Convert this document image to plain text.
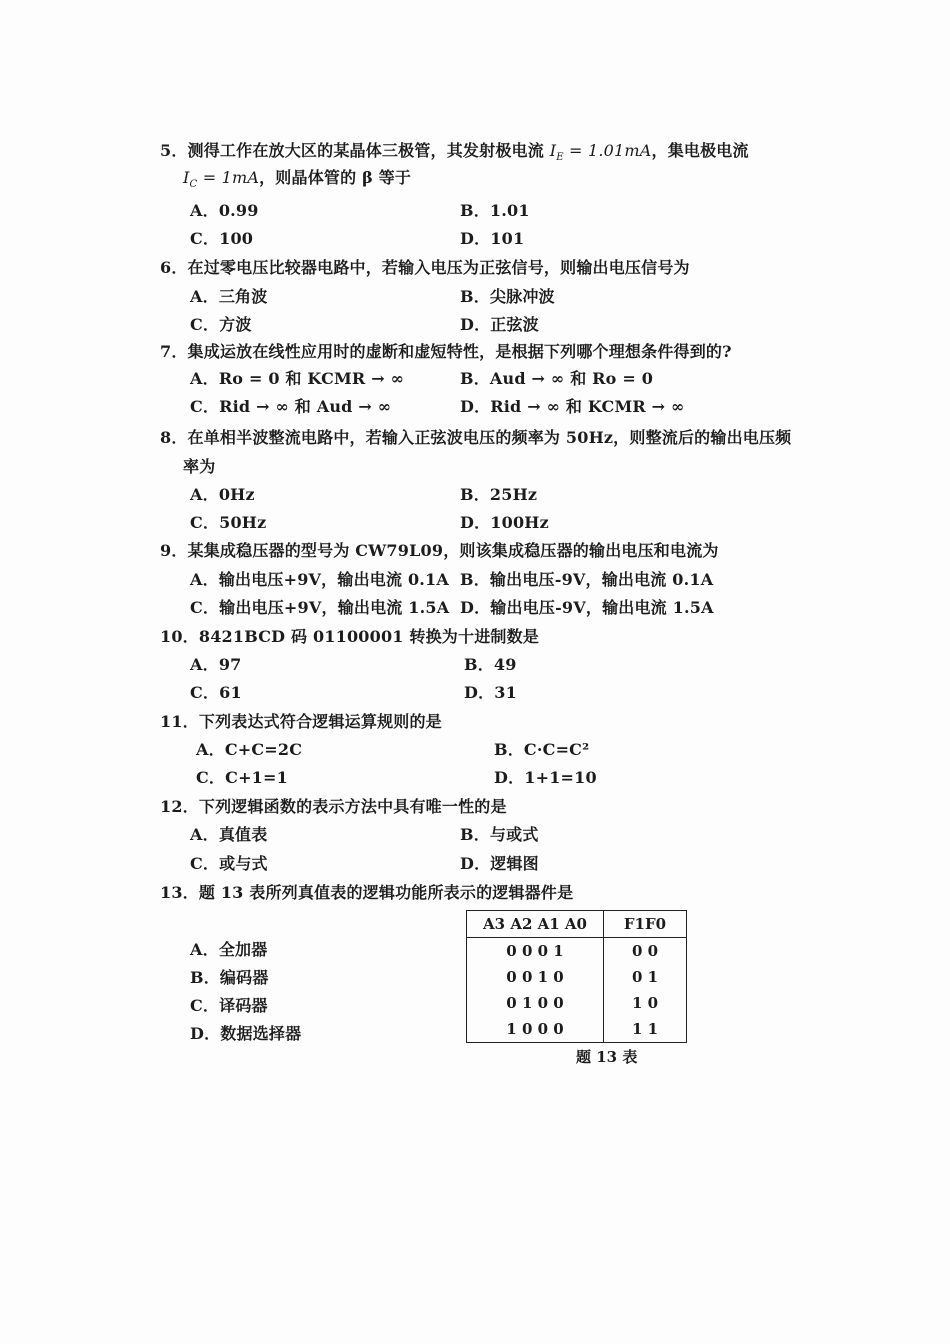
5．测得工作在放大区的某晶体三极管，其发射极电流 $I_E = 1.01mA$，集电极电流
$I_C = 1mA$，则晶体管的 β 等于
A．0.99	B．1.01
C．100	D．101
6．在过零电压比较器电路中，若输入电压为正弦信号，则输出电压信号为
A．三角波	B．尖脉冲波
C．方波	D．正弦波
7．集成运放在线性应用时的虚断和虚短特性，是根据下列哪个理想条件得到的?
A．Ro = 0 和 KCMR → ∞	B．Aud → ∞ 和 Ro = 0
C．Rid → ∞ 和 Aud → ∞	D．Rid → ∞ 和 KCMR → ∞
8．在单相半波整流电路中，若输入正弦波电压的频率为 50Hz，则整流后的输出电压频
率为
A．0Hz	B．25Hz
C．50Hz	D．100Hz
9．某集成稳压器的型号为 CW79L09，则该集成稳压器的输出电压和电流为
A．输出电压+9V，输出电流 0.1A B．输出电压-9V，输出电流 0.1A
C．输出电压+9V，输出电流 1.5A D．输出电压-9V，输出电流 1.5A
10．8421BCD 码 01100001 转换为十进制数是
A．97	B．49
C．61	D．31
11．下列表达式符合逻辑运算规则的是
A．C+C=2C	B．C·C=C²
C．C+1=1	D．1+1=10
12．下列逻辑函数的表示方法中具有唯一性的是
A．真值表	B．与或式
C．或与式	D．逻辑图
13．题 13 表所列真值表的逻辑功能所表示的逻辑器件是
A．全加器
B．编码器
C．译码器
D．数据选择器
A3 A2 A1 A0	F1F0
0 0 0 1	0 0
0 0 1 0	0 1
0 1 0 0	1 0
1 0 0 0	1 1
题 13 表
